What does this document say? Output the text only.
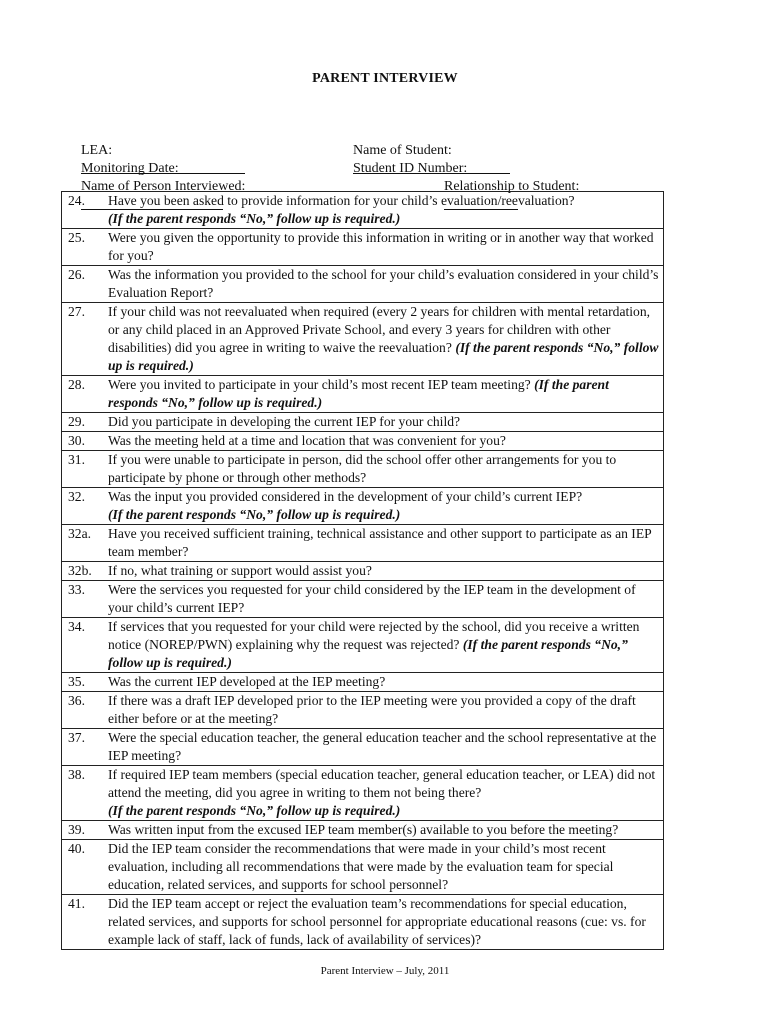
PARENT INTERVIEW

LEA:

Monitoring Date:

Name of Person Interviewed:

Name of Student:

Student ID Number:

Relationship to Student:

24.	Have you been asked to provide information for your child’s evaluation/reevaluation?
(If the parent responds “No,” follow up is required.)

25.	Were you given the opportunity to provide this information in writing or in another way that worked for you?
26.	Was the information you provided to the school for your child’s evaluation considered in your child’s Evaluation Report?
27.	If your child was not reevaluated when required (every 2 years for children with mental retardation, or any child placed in an Approved Private School, and every 3 years for children with other disabilities) did you agree in writing to waive the reevaluation? (If the parent responds “No,” follow up is required.)
28.	Were you invited to participate in your child’s most recent IEP team meeting? (If the parent responds “No,” follow up is required.)
29.	Did you participate in developing the current IEP for your child?
30.	Was the meeting held at a time and location that was convenient for you?
31.	If you were unable to participate in person, did the school offer other arrangements for you to participate by phone or through other methods?
32.	Was the input you provided considered in the development of your child’s current IEP?
(If the parent responds “No,” follow up is required.)

32a.	Have you received sufficient training, technical assistance and other support to participate as an IEP team member?
32b.	If no, what training or support would assist you?
33.	Were the services you requested for your child considered by the IEP team in the development of your child’s current IEP?
34.	If services that you requested for your child were rejected by the school, did you receive a written notice (NOREP/PWN) explaining why the request was rejected? (If the parent responds “No,” follow up is required.)
35.	Was the current IEP developed at the IEP meeting?
36.	If there was a draft IEP developed prior to the IEP meeting were you provided a copy of the draft either before or at the meeting?
37.	Were the special education teacher, the general education teacher and the school representative at the IEP meeting?
38.	If required IEP team members (special education teacher, general education teacher, or LEA) did not attend the meeting, did you agree in writing to them not being there?
(If the parent responds “No,” follow up is required.)

39.	Was written input from the excused IEP team member(s) available to you before the meeting?
40.	Did the IEP team consider the recommendations that were made in your child’s most recent evaluation, including all recommendations that were made by the evaluation team for special education, related services, and supports for school personnel?
41.	Did the IEP team accept or reject the evaluation team’s recommendations for special education, related services, and supports for school personnel for appropriate educational reasons (cue: vs. for example lack of staff, lack of funds, lack of availability of services)?
Parent Interview – July, 2011
